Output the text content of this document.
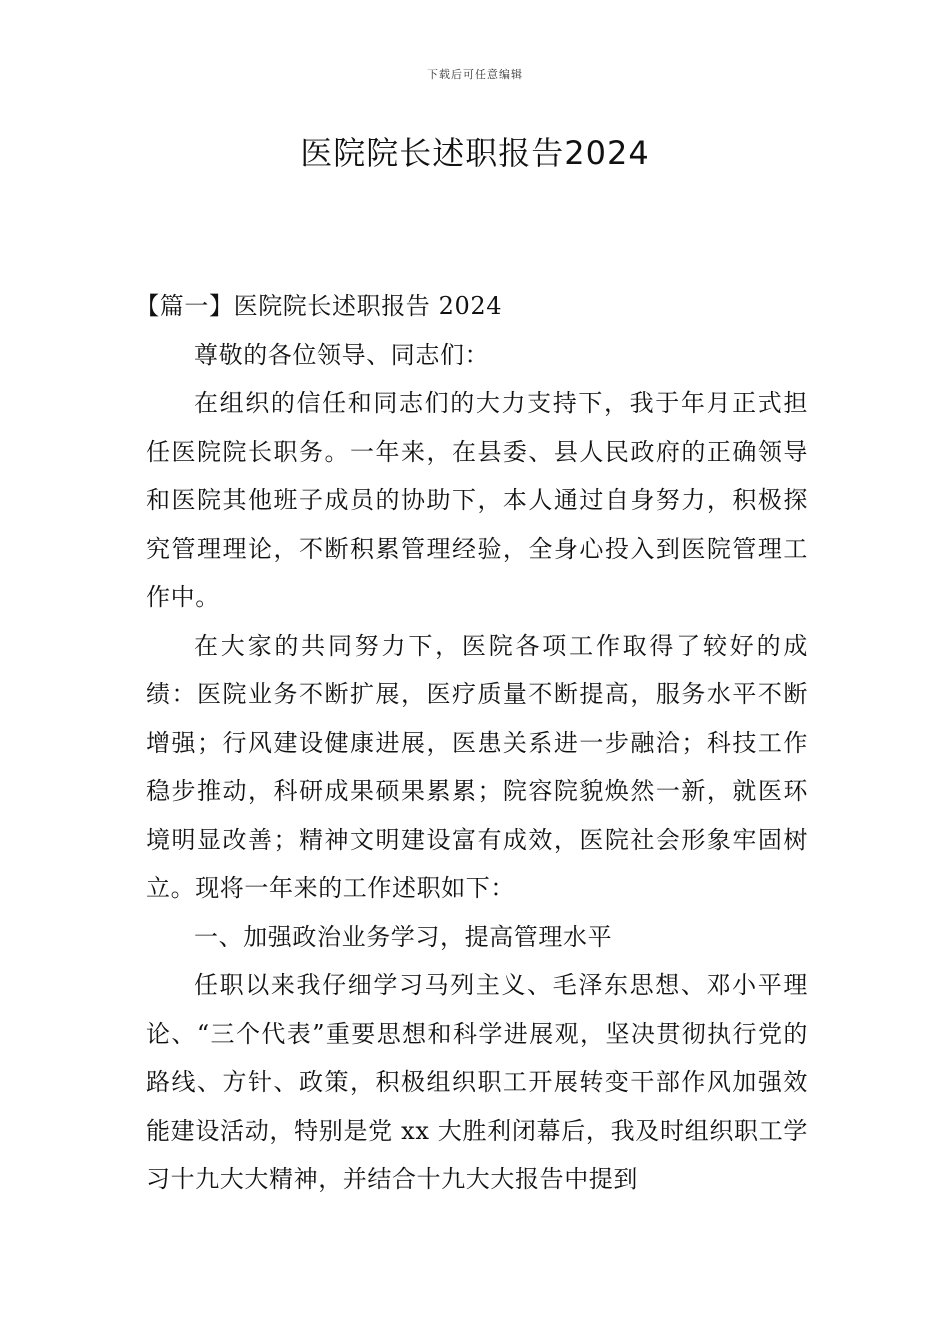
下载后可任意编辑
医院院长述职报告2024

【篇一】医院院长述职报告 2024

尊敬的各位领导、同志们：

在组织的信任和同志们的大力支持下，我于年月正式担任医院院长职务。一年来，在县委、县人民政府的正确领导和医院其他班子成员的协助下，本人通过自身努力，积极探究管理理论，不断积累管理经验，全身心投入到医院管理工作中。

在大家的共同努力下，医院各项工作取得了较好的成绩：医院业务不断扩展，医疗质量不断提高，服务水平不断增强；行风建设健康进展，医患关系进一步融洽；科技工作稳步推动，科研成果硕果累累；院容院貌焕然一新，就医环境明显改善；精神文明建设富有成效，医院社会形象牢固树立。现将一年来的工作述职如下：

一、加强政治业务学习，提高管理水平

任职以来我仔细学习马列主义、毛泽东思想、邓小平理论、“三个代表”重要思想和科学进展观，坚决贯彻执行党的路线、方针、政策，积极组织职工开展转变干部作风加强效能建设活动，特别是党 xx 大胜利闭幕后，我及时组织职工学习十九大大精神，并结合十九大大报告中提到
